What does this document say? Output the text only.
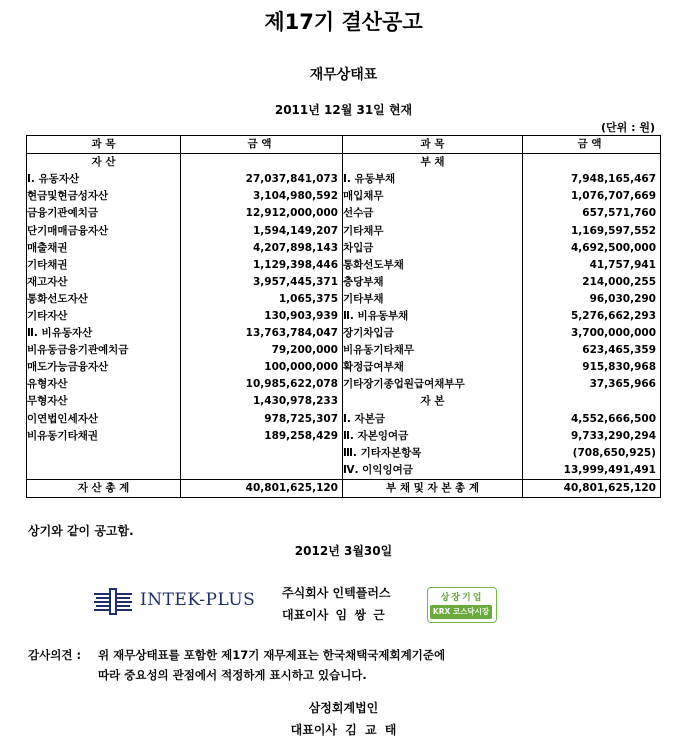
제17기 결산공고
재무상태표
2011년 12월 31일 현재
(단위 : 원)
과 목	금 액	과 목	금 액
자 산		부 채	
Ⅰ. 유동자산	27,037,841,073	Ⅰ. 유동부채	7,948,165,467
현금및현금성자산	3,104,980,592	매입채무	1,076,707,669
금융기관예치금	12,912,000,000	선수금	657,571,760
단기매매금융자산	1,594,149,207	기타채무	1,169,597,552
매출채권	4,207,898,143	차입금	4,692,500,000
기타채권	1,129,398,446	통화선도부채	41,757,941
재고자산	3,957,445,371	충당부채	214,000,255
통화선도자산	1,065,375	기타부채	96,030,290
기타자산	130,903,939	Ⅱ. 비유동부채	5,276,662,293
Ⅱ. 비유동자산	13,763,784,047	장기차입금	3,700,000,000
비유동금융기관예치금	79,200,000	비유동기타채무	623,465,359
매도가능금융자산	100,000,000	확정급여부채	915,830,968
유형자산	10,985,622,078	기타장기종업원급여채부무	37,365,966
무형자산	1,430,978,233	자 본	
이연법인세자산	978,725,307	Ⅰ. 자본금	4,552,666,500
비유동기타채권	189,258,429	Ⅱ. 자본잉여금	9,733,290,294
		Ⅲ. 기타자본항목	(708,650,925)
		Ⅳ. 이익잉여금	13,999,491,491
자 산 총 계	40,801,625,120	부 채 및 자 본 총 계	40,801,625,120
상기와 같이 공고함.
2012년 3월30일
INTEK-PLUS 주식회사 인텍플러스
대표이사 임 쌍 근
상장기업
KRX 코스닥시장
감사의견 : 위 재무상태표를 포함한 제17기 재무제표는 한국채택국제회계기준에
따라 중요성의 관점에서 적정하게 표시하고 있습니다.
삼정회계법인
대표이사 김 교 태
